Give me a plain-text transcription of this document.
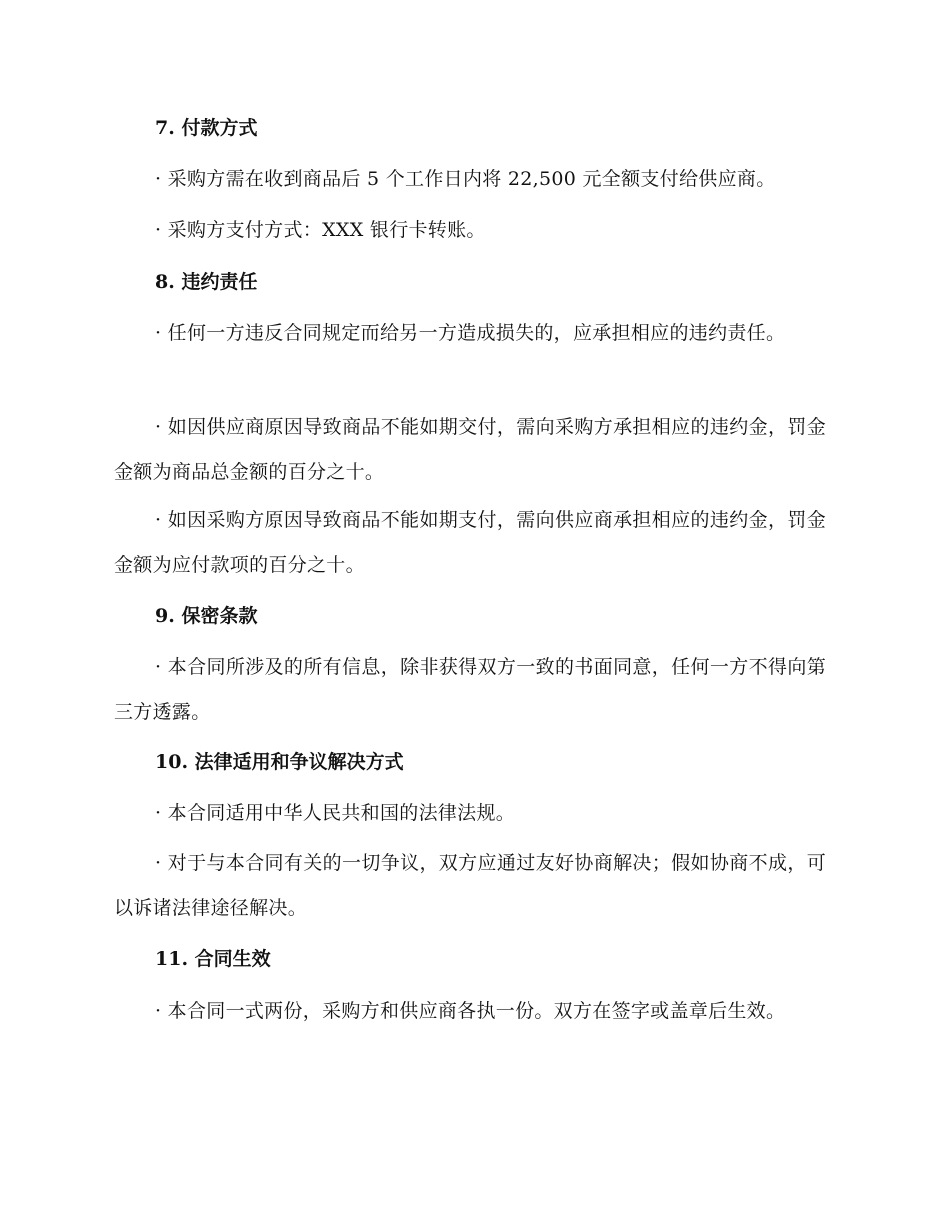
7. 付款方式

· 采购方需在收到商品后 5 个工作日内将 22,500 元全额支付给供应商。

· 采购方支付方式：XXX 银行卡转账。

8. 违约责任

· 任何一方违反合同规定而给另一方造成损失的，应承担相应的违约责任。

· 如因供应商原因导致商品不能如期交付，需向采购方承担相应的违约金，罚金金额为商品总金额的百分之十。

· 如因采购方原因导致商品不能如期支付，需向供应商承担相应的违约金，罚金金额为应付款项的百分之十。

9. 保密条款

· 本合同所涉及的所有信息，除非获得双方一致的书面同意，任何一方不得向第三方透露。

10. 法律适用和争议解决方式

· 本合同适用中华人民共和国的法律法规。

· 对于与本合同有关的一切争议，双方应通过友好协商解决；假如协商不成，可以诉诸法律途径解决。

11. 合同生效

· 本合同一式两份，采购方和供应商各执一份。双方在签字或盖章后生效。
